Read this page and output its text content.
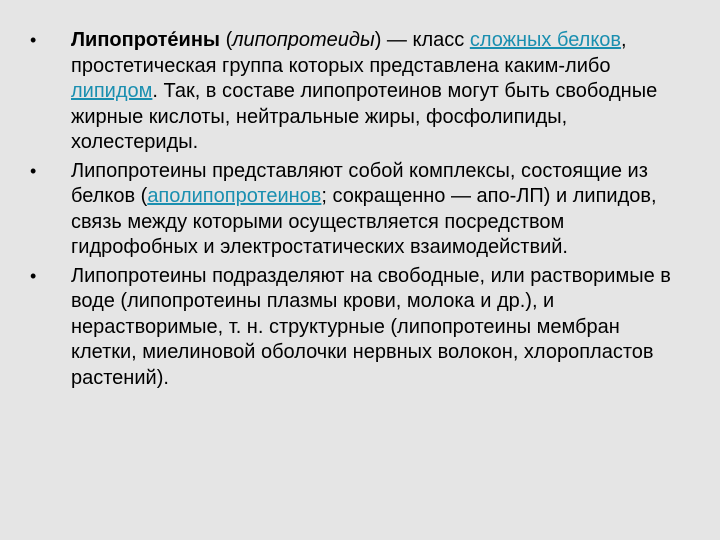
• Липопроте́ины (липопротеиды) — класс сложных белков, простетическая группа которых представлена каким-либо липидом. Так, в составе липопротеинов могут быть свободные жирные кислоты, нейтральные жиры, фосфолипиды, холестериды.
• Липопротеины представляют собой комплексы, состоящие из белков (аполипопротеинов; сокращенно — апо-ЛП) и липидов, связь между которыми осуществляется посредством гидрофобных и электростатических взаимодействий.
• Липопротеины подразделяют на свободные, или растворимые в воде (липопротеины плазмы крови, молока и др.), и нерастворимые, т. н. структурные (липопротеины мембран клетки, миелиновой оболочки нервных волокон, хлоропластов растений).
